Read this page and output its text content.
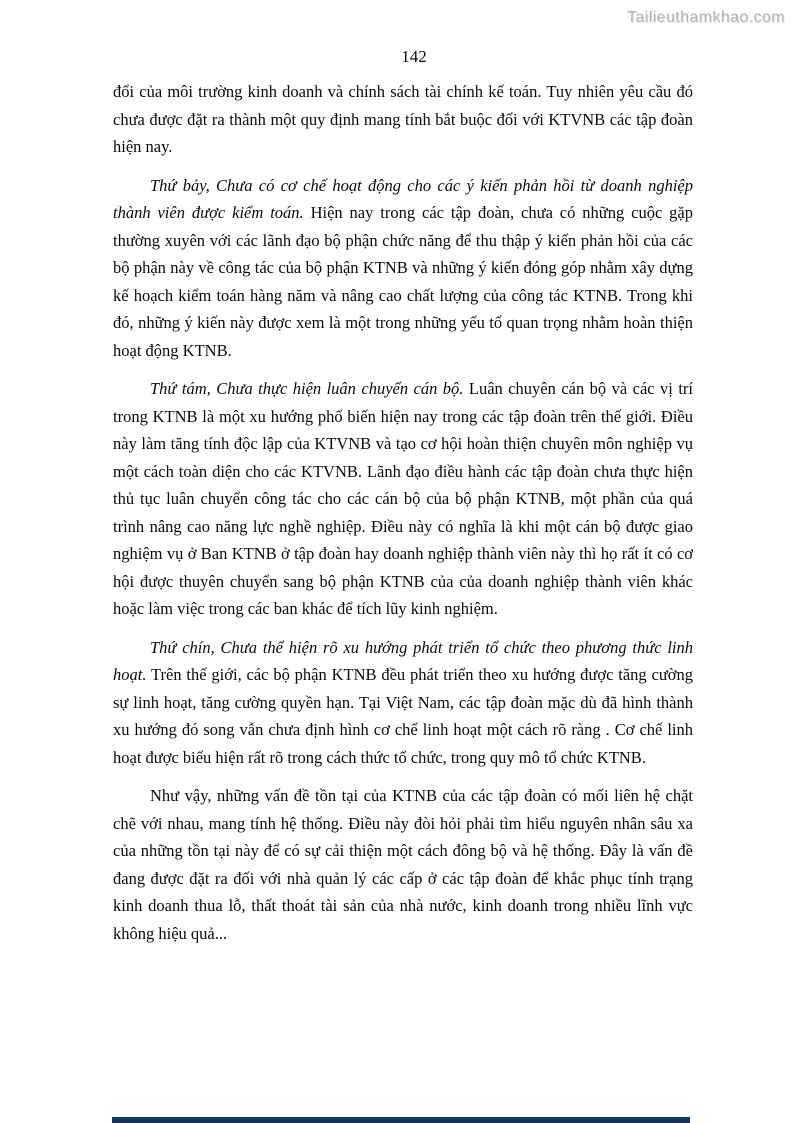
Tailieuthamkhao.com
142

đổi của môi trường kinh doanh và chính sách tài chính kế toán. Tuy nhiên yêu cầu đó chưa được đặt ra thành một quy định mang tính bắt buộc đối với KTVNB các tập đoàn hiện nay.

Thứ bảy, Chưa có cơ chế hoạt động cho các ý kiến phản hồi từ doanh nghiệp thành viên được kiểm toán. Hiện nay trong các tập đoàn, chưa có những cuộc gặp thường xuyên với các lãnh đạo bộ phận chức năng để thu thập ý kiến phản hồi của các bộ phận này về công tác của bộ phận KTNB và những ý kiến đóng góp nhằm xây dựng kế hoạch kiểm toán hàng năm và nâng cao chất lượng của công tác KTNB. Trong khi đó, những ý kiến này được xem là một trong những yếu tố quan trọng nhằm hoàn thiện hoạt động KTNB.

Thứ tám, Chưa thực hiện luân chuyển cán bộ. Luân chuyên cán bộ và các vị trí trong KTNB là một xu hướng phổ biến hiện nay trong các tập đoàn trên thế giới. Điều này làm tăng tính độc lập của KTVNB và tạo cơ hội hoàn thiện chuyên môn nghiệp vụ một cách toàn diện cho các KTVNB. Lãnh đạo điều hành các tập đoàn chưa thực hiện thủ tục luân chuyển công tác cho các cán bộ của bộ phận KTNB, một phần của quá trình nâng cao năng lực nghề nghiệp. Điều này có nghĩa là khi một cán bộ được giao nghiệm vụ ở Ban KTNB ở tập đoàn hay doanh nghiệp thành viên này thì họ rất ít có cơ hội được thuyên chuyển sang bộ phận KTNB của của doanh nghiệp thành viên khác hoặc làm việc trong các ban khác để tích lũy kinh nghiệm.

Thứ chín, Chưa thể hiện rõ xu hướng phát triển tổ chức theo phương thức linh hoạt. Trên thế giới, các bộ phận KTNB đều phát triển theo xu hướng được tăng cường sự linh hoạt, tăng cường quyền hạn. Tại Việt Nam, các tập đoàn mặc dù đã hình thành xu hướng đó song vẫn chưa định hình cơ chế linh hoạt một cách rõ ràng . Cơ chế linh hoạt được biểu hiện rất rõ trong cách thức tổ chức, trong quy mô tổ chức KTNB.

Như vậy, những vấn đề tồn tại của KTNB của các tập đoàn có mối liên hệ chặt chẽ với nhau, mang tính hệ thống. Điều này đòi hỏi phải tìm hiểu nguyên nhân sâu xa của những tồn tại này để có sự cải thiện một cách đông bộ và hệ thống. Đây là vấn đề đang được đặt ra đối với nhà quản lý các cấp ở các tập đoàn để khắc phục tính trạng kinh doanh thua lỗ, thất thoát tài sản của nhà nước, kinh doanh trong nhiều lĩnh vực không hiệu quả...
